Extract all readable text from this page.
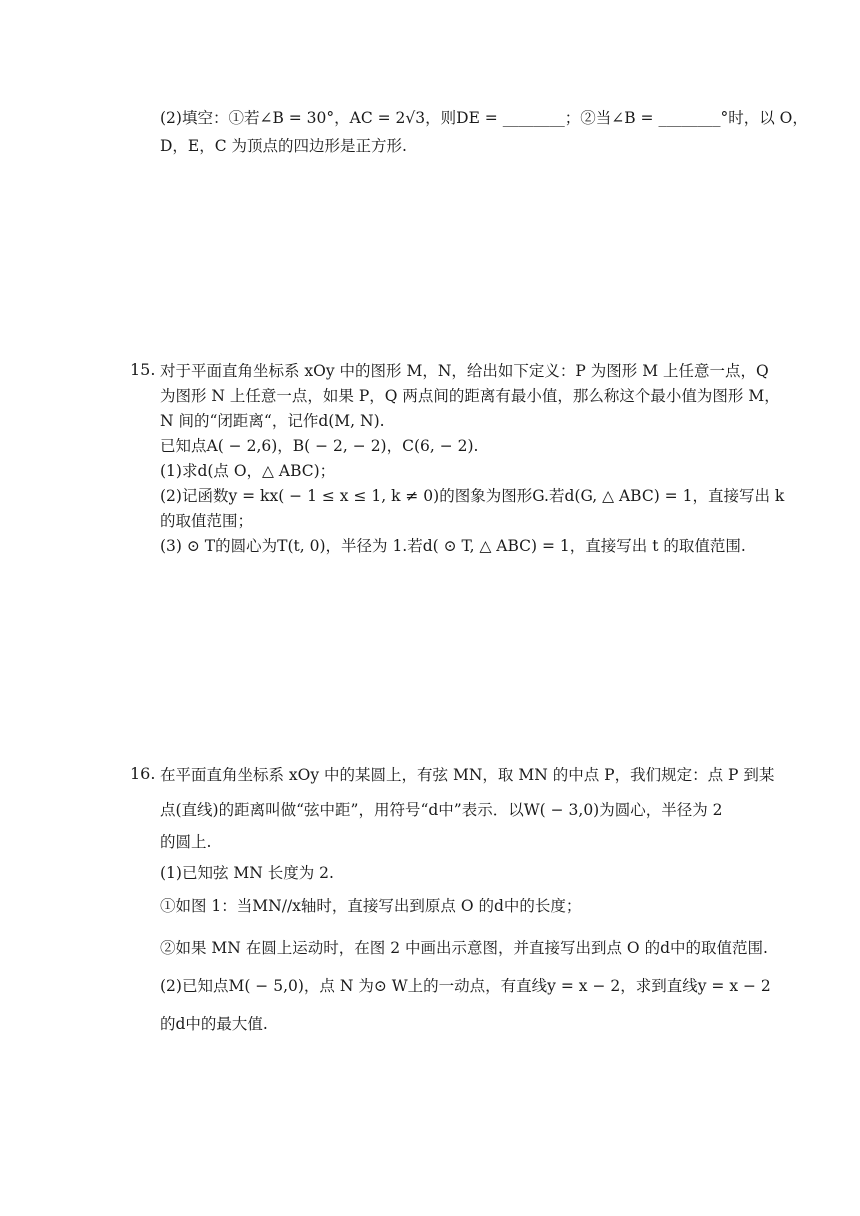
(2)填空：①若∠B = 30°，AC = 2√3，则DE = ________；②当∠B = ________°时，以 O，
D，E，C 为顶点的四边形是正方形.
15. 对于平面直角坐标系 xOy 中的图形 M，N，给出如下定义：P 为图形 M 上任意一点，Q
为图形 N 上任意一点，如果 P，Q 两点间的距离有最小值，那么称这个最小值为图形 M，
N 间的“闭距离“，记作d(M, N).
已知点A( − 2,6)，B( − 2, − 2)，C(6, − 2).
(1)求d(点 O，△ ABC)；
(2)记函数y = kx( − 1 ≤ x ≤ 1, k ≠ 0)的图象为图形G.若d(G, △ ABC) = 1，直接写出 k
的取值范围；
(3) ⊙ T的圆心为T(t, 0)，半径为 1.若d( ⊙ T, △ ABC) = 1，直接写出 t 的取值范围.
16. 在平面直角坐标系 xOy 中的某圆上，有弦 MN，取 MN 的中点 P，我们规定：点 P 到某
点(直线)的距离叫做“弦中距”，用符号“d中”表示．以W( − 3,0)为圆心，半径为 2
的圆上.
(1)已知弦 MN 长度为 2.
①如图 1：当MN//x轴时，直接写出到原点 O 的d中的长度；
②如果 MN 在圆上运动时，在图 2 中画出示意图，并直接写出到点 O 的d中的取值范围.
(2)已知点M( − 5,0)，点 N 为⊙ W上的一动点，有直线y = x − 2，求到直线y = x − 2
的d中的最大值.
